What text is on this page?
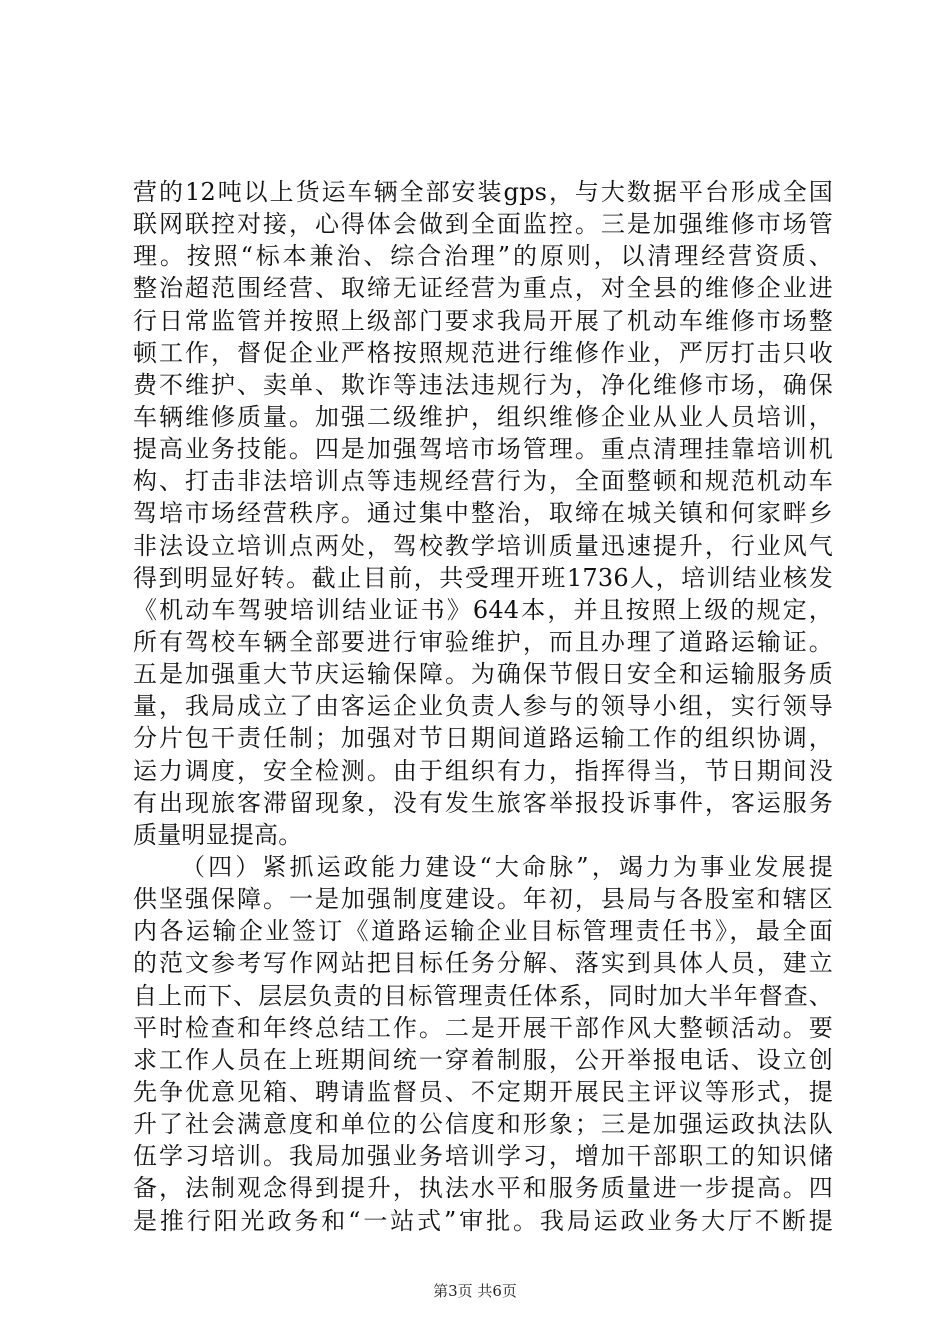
营的12吨以上货运车辆全部安装gps，与大数据平台形成全国
联网联控对接，心得体会做到全面监控。三是加强维修市场管
理。按照“标本兼治、综合治理”的原则，以清理经营资质、
整治超范围经营、取缔无证经营为重点，对全县的维修企业进
行日常监管并按照上级部门要求我局开展了机动车维修市场整
顿工作，督促企业严格按照规范进行维修作业，严厉打击只收
费不维护、卖单、欺诈等违法违规行为，净化维修市场，确保
车辆维修质量。加强二级维护，组织维修企业从业人员培训，
提高业务技能。四是加强驾培市场管理。重点清理挂靠培训机
构、打击非法培训点等违规经营行为，全面整顿和规范机动车
驾培市场经营秩序。通过集中整治，取缔在城关镇和何家畔乡
非法设立培训点两处，驾校教学培训质量迅速提升，行业风气
得到明显好转。截止目前，共受理开班1736人，培训结业核发
《机动车驾驶培训结业证书》644本，并且按照上级的规定，
所有驾校车辆全部要进行审验维护，而且办理了道路运输证。
五是加强重大节庆运输保障。为确保节假日安全和运输服务质
量，我局成立了由客运企业负责人参与的领导小组，实行领导
分片包干责任制；加强对节日期间道路运输工作的组织协调，
运力调度，安全检测。由于组织有力，指挥得当，节日期间没
有出现旅客滞留现象，没有发生旅客举报投诉事件，客运服务
质量明显提高。
（四）紧抓运政能力建设“大命脉”，竭力为事业发展提
供坚强保障。一是加强制度建设。年初，县局与各股室和辖区
内各运输企业签订《道路运输企业目标管理责任书》，最全面
的范文参考写作网站把目标任务分解、落实到具体人员，建立
自上而下、层层负责的目标管理责任体系，同时加大半年督查、
平时检查和年终总结工作。二是开展干部作风大整顿活动。要
求工作人员在上班期间统一穿着制服，公开举报电话、设立创
先争优意见箱、聘请监督员、不定期开展民主评议等形式，提
升了社会满意度和单位的公信度和形象；三是加强运政执法队
伍学习培训。我局加强业务培训学习，增加干部职工的知识储
备，法制观念得到提升，执法水平和服务质量进一步提高。四
是推行阳光政务和“一站式”审批。我局运政业务大厅不断提
第3页 共6页
